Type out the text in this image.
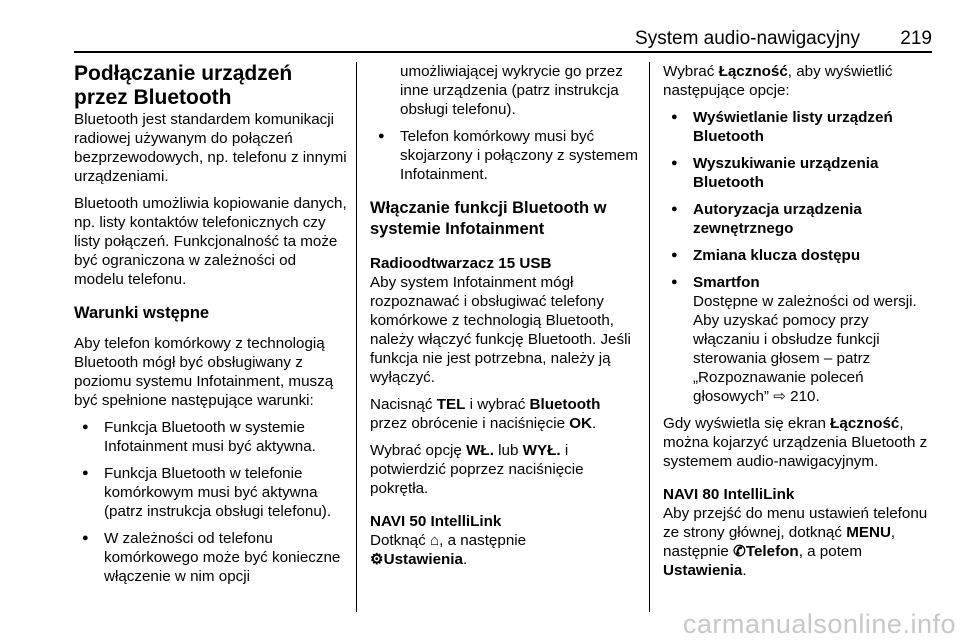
System audio-nawigacyjny 219
Podłączanie urządzeń
przez Bluetooth

Bluetooth jest standardem komunikacji radiowej używanym do połączeń bezprzewodowych, np. telefonu z innymi urządzeniami.

Bluetooth umożliwia kopiowanie danych, np. listy kontaktów telefonicznych czy listy połączeń. Funkcjonalność ta może być ograniczona w zależności od modelu telefonu.

Warunki wstępne

Aby telefon komórkowy z technologią Bluetooth mógł być obsługiwany z poziomu systemu Infotainment, muszą być spełnione następujące warunki:

● Funkcja Bluetooth w systemie Infotainment musi być aktywna.
● Funkcja Bluetooth w telefonie komórkowym musi być aktywna (patrz instrukcja obsługi telefonu).
● W zależności od telefonu komórkowego może być konieczne włączenie w nim opcji
umożliwiającej wykrycie go przez inne urządzenia (patrz instrukcja obsługi telefonu).
● Telefon komórkowy musi być skojarzony i połączony z systemem Infotainment.
Włączanie funkcji Bluetooth w systemie Infotainment
Radioodtwarzacz 15 USB

Aby system Infotainment mógł rozpoznawać i obsługiwać telefony komórkowe z technologią Bluetooth, należy włączyć funkcję Bluetooth. Jeśli funkcja nie jest potrzebna, należy ją wyłączyć.

Nacisnąć TEL i wybrać Bluetooth przez obrócenie i naciśnięcie OK.

Wybrać opcję WŁ. lub WYŁ. i potwierdzić poprzez naciśnięcie pokrętła.

NAVI 50 IntelliLink

Dotknąć ⌂, a następnie
⚙Ustawienia.

Wybrać Łączność, aby wyświetlić następujące opcje:

● Wyświetlanie listy urządzeń Bluetooth
● Wyszukiwanie urządzenia Bluetooth
● Autoryzacja urządzenia zewnętrznego
● Zmiana klucza dostępu
● Smartfon
Dostępne w zależności od wersji. Aby uzyskać pomocy przy włączaniu i obsłudze funkcji sterowania głosem – patrz „Rozpoznawanie poleceń głosowych” ⇨ 210.

Gdy wyświetla się ekran Łączność, można kojarzyć urządzenia Bluetooth z systemem audio-nawigacyjnym.

NAVI 80 IntelliLink

Aby przejść do menu ustawień telefonu ze strony głównej, dotknąć MENU, następnie ✆Telefon, a potem Ustawienia.

carmanualsonline.info
